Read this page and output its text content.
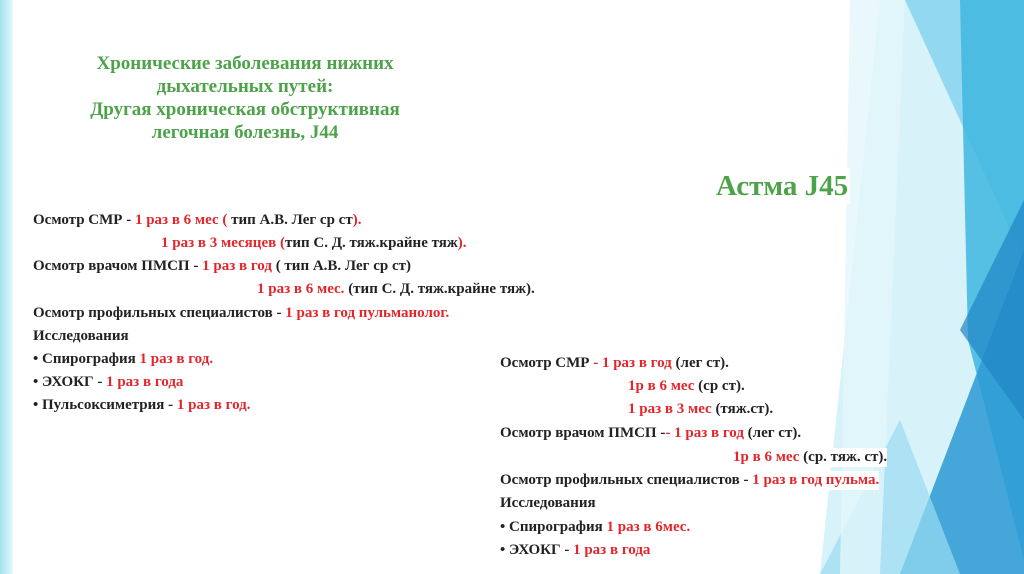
Хронические заболевания нижних
дыхательных путей:
Другая хроническая обструктивная
легочная болезнь, J44
Астма J45
Осмотр СМР - 1 раз в 6 мес ( тип А.В. Лег ср ст).
1 раз в 3 месяцев (тип С. Д. тяж.крайне тяж).
Осмотр врачом ПМСП - 1 раз в год ( тип А.В. Лег ср ст)
1 раз в 6 мес. (тип С. Д. тяж.крайне тяж).
Осмотр профильных специалистов - 1 раз в год пульманолог.
Исследования
• Спирография 1 раз в год.
• ЭХОКГ - 1 раз в года
• Пульсоксиметрия - 1 раз в год.
Осмотр СМР - 1 раз в год (лег ст).
1р в 6 мес (ср ст).
1 раз в 3 мес (тяж.ст).
Осмотр врачом ПМСП -- 1 раз в год (лег ст).
1р в 6 мес (ср. тяж. ст).
Осмотр профильных специалистов - 1 раз в год пульма.
Исследования
• Спирография 1 раз в 6мес.
• ЭХОКГ - 1 раз в года
